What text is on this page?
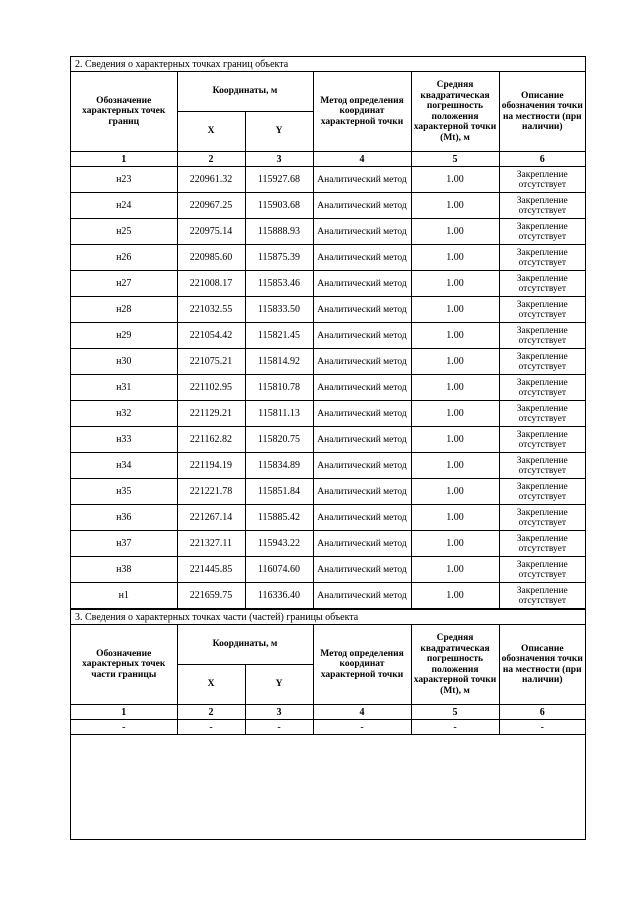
2. Сведения о характерных точках границ объекта					
Обозначение характерных точек границ	Координаты, м		Метод определения координат характерной точки	Средняя квадратическая погрешность положения характерной точки (Mt), м	Описание обозначения точки на местности (при наличии)
	X	Y			
1	2	3	4	5	6
н23	220961.32	115927.68	Аналитический метод	1.00	Закрепление отсутствует
н24	220967.25	115903.68	Аналитический метод	1.00	Закрепление отсутствует
н25	220975.14	115888.93	Аналитический метод	1.00	Закрепление отсутствует
н26	220985.60	115875.39	Аналитический метод	1.00	Закрепление отсутствует
н27	221008.17	115853.46	Аналитический метод	1.00	Закрепление отсутствует
н28	221032.55	115833.50	Аналитический метод	1.00	Закрепление отсутствует
н29	221054.42	115821.45	Аналитический метод	1.00	Закрепление отсутствует
н30	221075.21	115814.92	Аналитический метод	1.00	Закрепление отсутствует
н31	221102.95	115810.78	Аналитический метод	1.00	Закрепление отсутствует
н32	221129.21	115811.13	Аналитический метод	1.00	Закрепление отсутствует
н33	221162.82	115820.75	Аналитический метод	1.00	Закрепление отсутствует
н34	221194.19	115834.89	Аналитический метод	1.00	Закрепление отсутствует
н35	221221.78	115851.84	Аналитический метод	1.00	Закрепление отсутствует
н36	221267.14	115885.42	Аналитический метод	1.00	Закрепление отсутствует
н37	221327.11	115943.22	Аналитический метод	1.00	Закрепление отсутствует
н38	221445.85	116074.60	Аналитический метод	1.00	Закрепление отсутствует
н1	221659.75	116336.40	Аналитический метод	1.00	Закрепление отсутствует
3. Сведения о характерных точках части (частей) границы объекта					
Обозначение характерных точек части границы	Координаты, м		Метод определения координат характерной точки	Средняя квадратическая погрешность положения характерной точки (Mt), м	Описание обозначения точки на местности (при наличии)
	X	Y			
1	2	3	4	5	6
-	-	-	-	-	-
